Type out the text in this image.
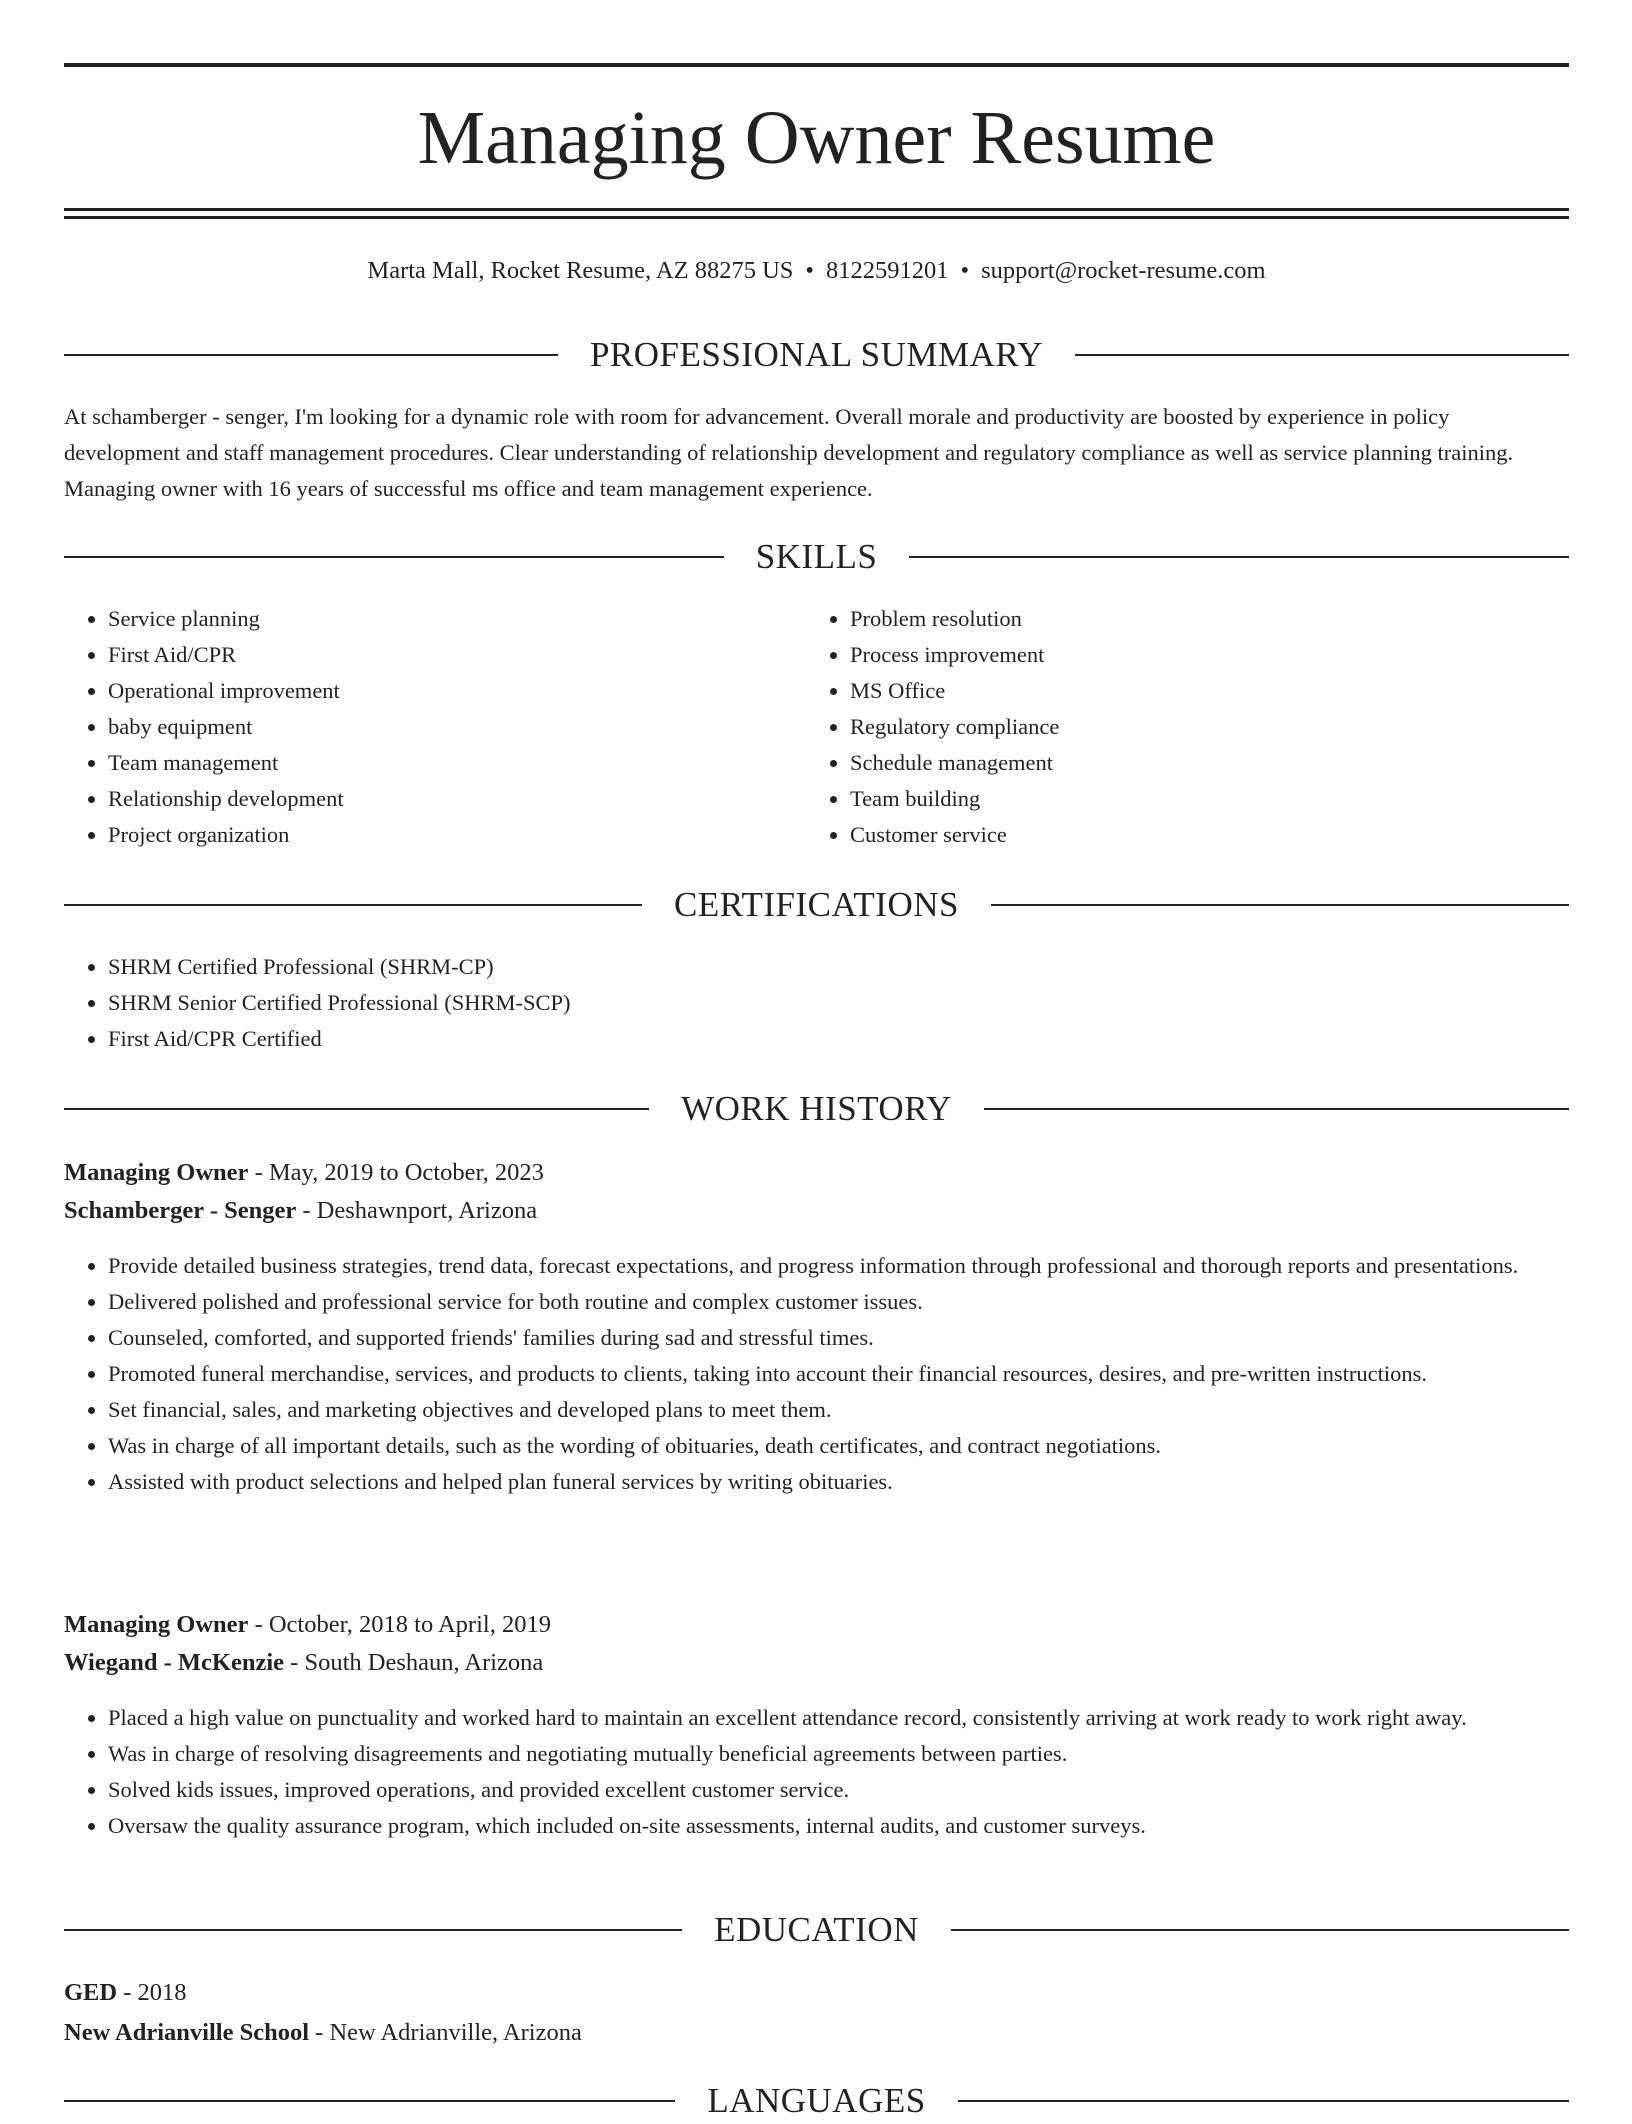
Managing Owner Resume
Marta Mall, Rocket Resume, AZ 88275 US • 8122591201 • support@rocket-resume.com
PROFESSIONAL SUMMARY
At schamberger - senger, I'm looking for a dynamic role with room for advancement. Overall morale and productivity are boosted by experience in policy development and staff management procedures. Clear understanding of relationship development and regulatory compliance as well as service planning training. Managing owner with 16 years of successful ms office and team management experience.
SKILLS
• Service planning
• First Aid/CPR
• Operational improvement
• baby equipment
• Team management
• Relationship development
• Project organization
• Problem resolution
• Process improvement
• MS Office
• Regulatory compliance
• Schedule management
• Team building
• Customer service
CERTIFICATIONS
• SHRM Certified Professional (SHRM-CP)
• SHRM Senior Certified Professional (SHRM-SCP)
• First Aid/CPR Certified
WORK HISTORY
Managing Owner - May, 2019 to October, 2023
Schamberger - Senger - Deshawnport, Arizona
• Provide detailed business strategies, trend data, forecast expectations, and progress information through professional and thorough reports and presentations.
• Delivered polished and professional service for both routine and complex customer issues.
• Counseled, comforted, and supported friends' families during sad and stressful times.
• Promoted funeral merchandise, services, and products to clients, taking into account their financial resources, desires, and pre-written instructions.
• Set financial, sales, and marketing objectives and developed plans to meet them.
• Was in charge of all important details, such as the wording of obituaries, death certificates, and contract negotiations.
• Assisted with product selections and helped plan funeral services by writing obituaries.
Managing Owner - October, 2018 to April, 2019
Wiegand - McKenzie - South Deshaun, Arizona
• Placed a high value on punctuality and worked hard to maintain an excellent attendance record, consistently arriving at work ready to work right away.
• Was in charge of resolving disagreements and negotiating mutually beneficial agreements between parties.
• Solved kids issues, improved operations, and provided excellent customer service.
• Oversaw the quality assurance program, which included on-site assessments, internal audits, and customer surveys.
EDUCATION
GED - 2018
New Adrianville School - New Adrianville, Arizona
LANGUAGES
